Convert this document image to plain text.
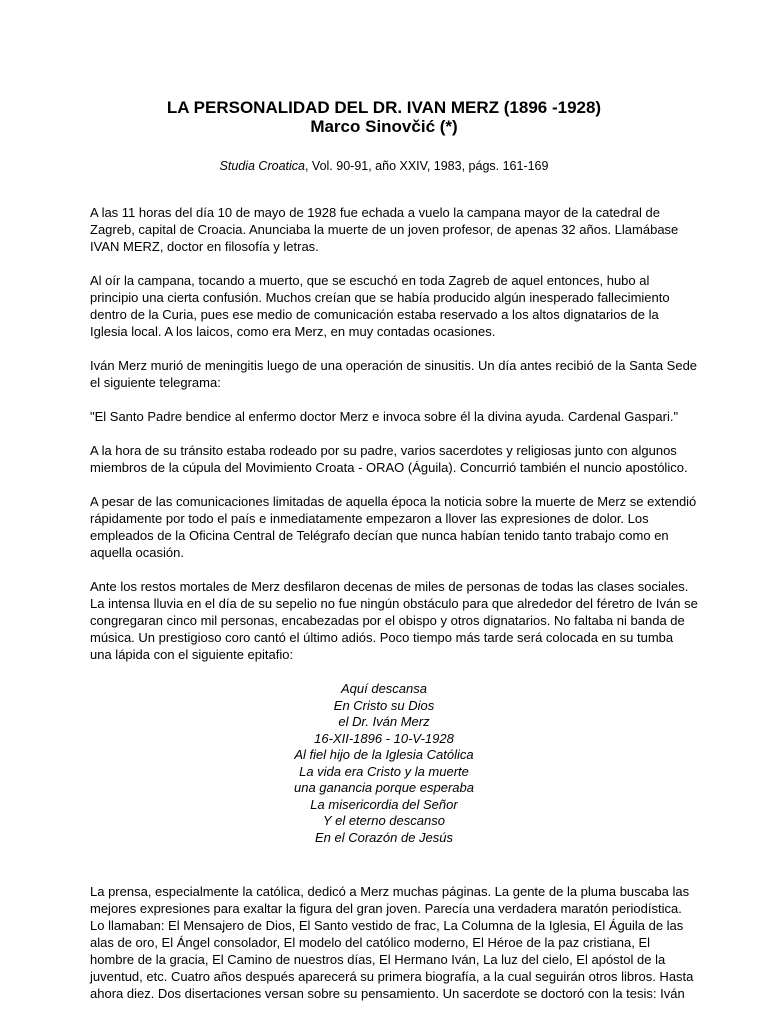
LA PERSONALIDAD DEL DR. IVAN MERZ (1896 -1928)
Marco Sinovčić (*)
Studia Croatica, Vol. 90-91, año XXIV, 1983, págs. 161-169
A las 11 horas del día 10 de mayo de 1928 fue echada a vuelo la campana mayor de la catedral de
Zagreb, capital de Croacia. Anunciaba la muerte de un joven profesor, de apenas 32 años. Llamábase
IVAN MERZ, doctor en filosofía y letras.
Al oír la campana, tocando a muerto, que se escuchó en toda Zagreb de aquel entonces, hubo al
principio una cierta confusión. Muchos creían que se había producido algún inesperado fallecimiento
dentro de la Curia, pues ese medio de comunicación estaba reservado a los altos dignatarios de la
Iglesia local. A los laicos, como era Merz, en muy contadas ocasiones.
Iván Merz murió de meningitis luego de una operación de sinusitis. Un día antes recibió de la Santa Sede
el siguiente telegrama:
"El Santo Padre bendice al enfermo doctor Merz e invoca sobre él la divina ayuda. Cardenal Gaspari."
A la hora de su tránsito estaba rodeado por su padre, varios sacerdotes y religiosas junto con algunos
miembros de la cúpula del Movimiento Croata - ORAO (Águila). Concurrió también el nuncio apostólico.
A pesar de las comunicaciones limitadas de aquella época la noticia sobre la muerte de Merz se extendió
rápidamente por todo el país e inmediatamente empezaron a llover las expresiones de dolor. Los
empleados de la Oficina Central de Telégrafo decían que nunca habían tenido tanto trabajo como en
aquella ocasión.
Ante los restos mortales de Merz desfilaron decenas de miles de personas de todas las clases sociales.
La intensa lluvia en el día de su sepelio no fue ningún obstáculo para que alrededor del féretro de Iván se
congregaran cinco mil personas, encabezadas por el obispo y otros dignatarios. No faltaba ni banda de
música. Un prestigioso coro cantó el último adiós. Poco tiempo más tarde será colocada en su tumba
una lápida con el siguiente epitafio:
Aquí descansa
En Cristo su Dios
el Dr. Iván Merz
16-XII-1896 - 10-V-1928
Al fiel hijo de la Iglesia Católica
La vida era Cristo y la muerte
una ganancia porque esperaba
La misericordia del Señor
Y el eterno descanso
En el Corazón de Jesús
La prensa, especialmente la católica, dedicó a Merz muchas páginas. La gente de la pluma buscaba las
mejores expresiones para exaltar la figura del gran joven. Parecía una verdadera maratón periodística.
Lo llamaban: El Mensajero de Dios, El Santo vestido de frac, La Columna de la Iglesia, El Águila de las
alas de oro, El Ángel consolador, El modelo del católico moderno, El Héroe de la paz cristiana, El
hombre de la gracia, El Camino de nuestros días, El Hermano Iván, La luz del cielo, El apóstol de la
juventud, etc. Cuatro años después aparecerá su primera biografía, a la cual seguirán otros libros. Hasta
ahora diez. Dos disertaciones versan sobre su pensamiento. Un sacerdote se doctoró con la tesis: Iván
